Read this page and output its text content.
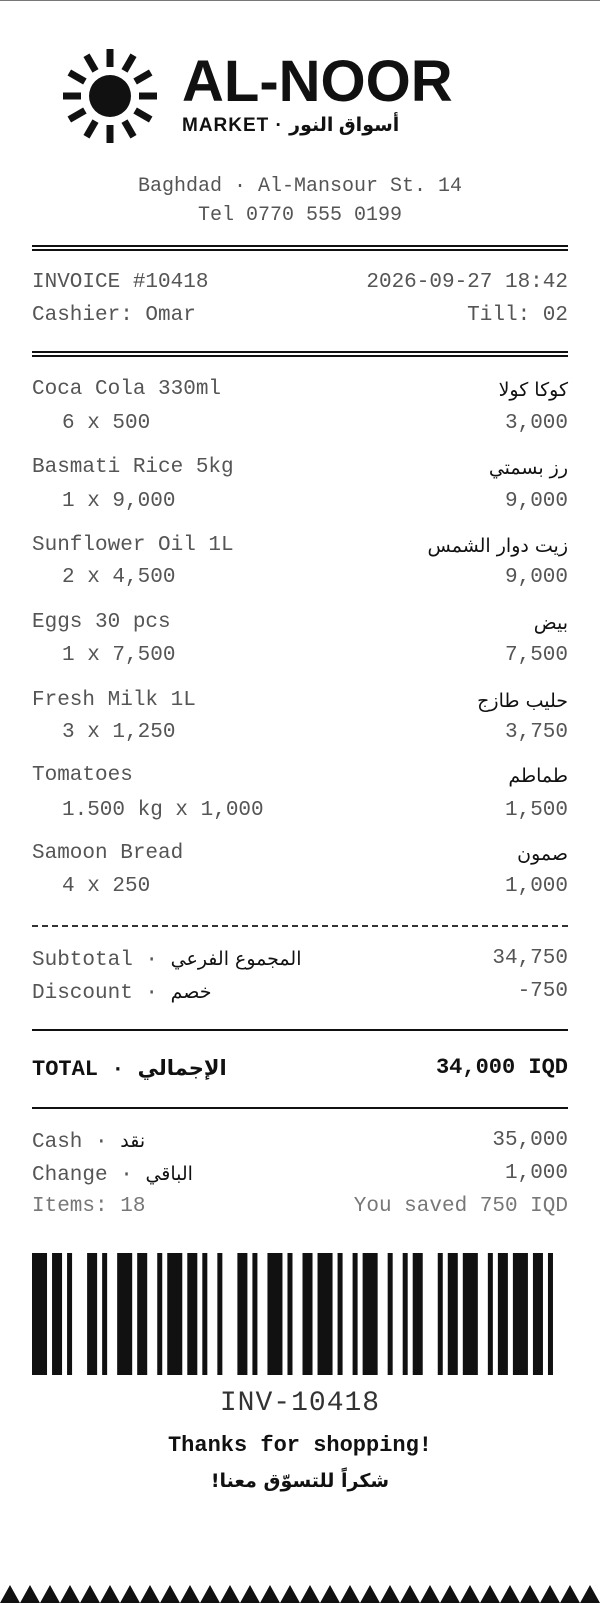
AL-NOOR
MARKET · أسواق النور
Baghdad · Al-Mansour St. 14
Tel 0770 555 0199
INVOICE #10418	2026-09-27 18:42
Cashier: Omar	Till: 02
Coca Cola 330ml	كوكا كولا
6 x 500	3,000
Basmati Rice 5kg	رز بسمتي
1 x 9,000	9,000
Sunflower Oil 1L	زيت دوار الشمس
2 x 4,500	9,000
Eggs 30 pcs	بيض
1 x 7,500	7,500
Fresh Milk 1L	حليب طازج
3 x 1,250	3,750
Tomatoes	طماطم
1.500 kg x 1,000	1,500
Samoon Bread	صمون
4 x 250	1,000
Subtotal · المجموع الفرعي	34,750
Discount · خصم	-750
TOTAL · الإجمالي	34,000 IQD
Cash · نقد	35,000
Change · الباقي	1,000
Items: 18	You saved 750 IQD
INV-10418
Thanks for shopping!
!شكراً للتسوّق معنا
